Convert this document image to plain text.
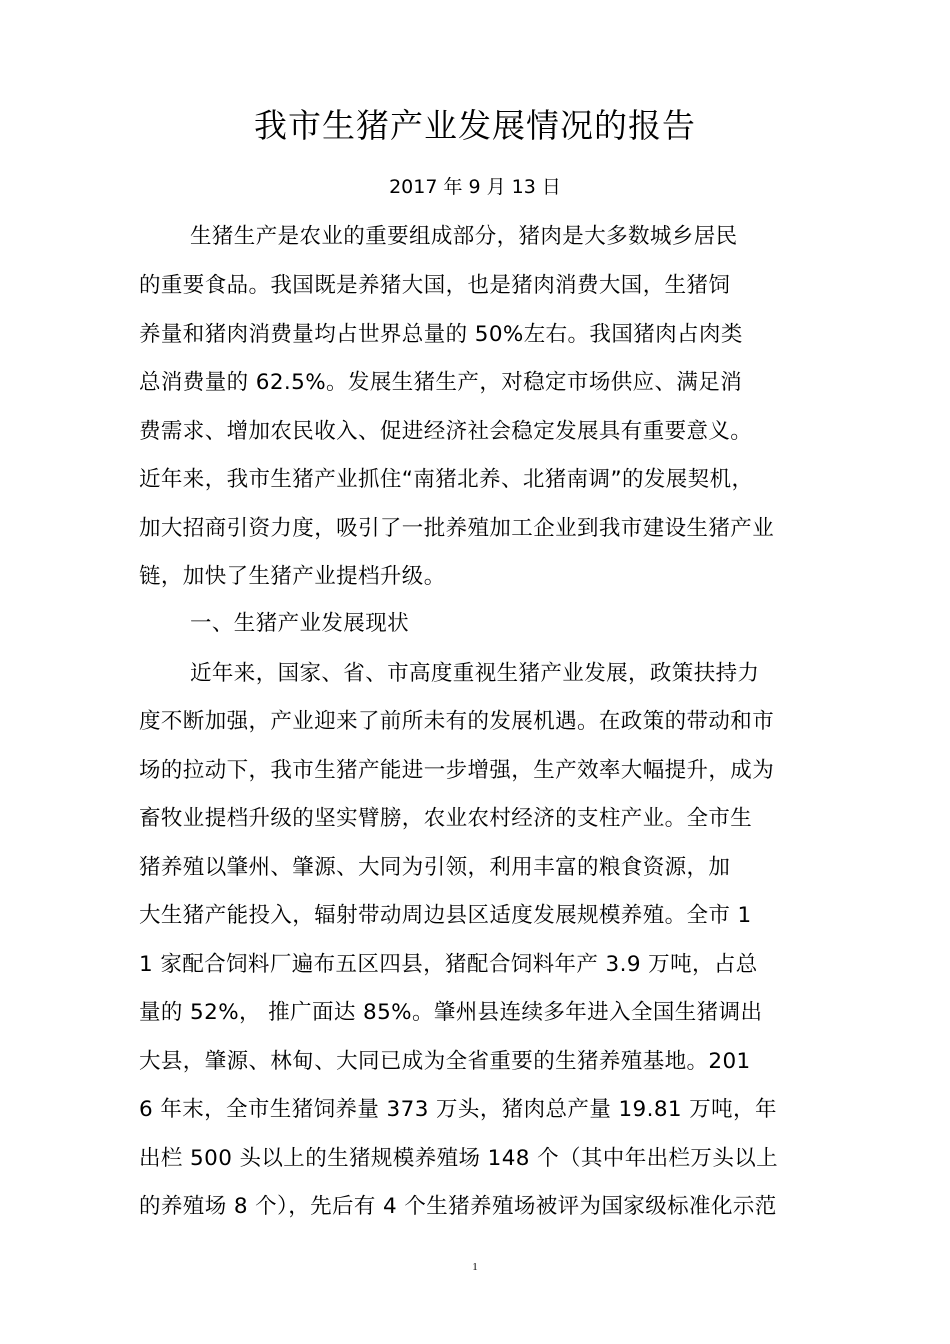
我市生猪产业发展情况的报告
2017 年 9 月 13 日
生猪生产是农业的重要组成部分，猪肉是大多数城乡居民
的重要食品。我国既是养猪大国，也是猪肉消费大国，生猪饲
养量和猪肉消费量均占世界总量的 50%左右。我国猪肉占肉类
总消费量的 62.5%。发展生猪生产，对稳定市场供应、满足消
费需求、增加农民收入、促进经济社会稳定发展具有重要意义。
近年来，我市生猪产业抓住“南猪北养、北猪南调”的发展契机，
加大招商引资力度，吸引了一批养殖加工企业到我市建设生猪产业
链，加快了生猪产业提档升级。
一、生猪产业发展现状
近年来，国家、省、市高度重视生猪产业发展，政策扶持力
度不断加强，产业迎来了前所未有的发展机遇。在政策的带动和市
场的拉动下，我市生猪产能进一步增强，生产效率大幅提升，成为
畜牧业提档升级的坚实臂膀，农业农村经济的支柱产业。全市生
猪养殖以肇州、肇源、大同为引领，利用丰富的粮食资源，加
大生猪产能投入，辐射带动周边县区适度发展规模养殖。全市 1
1 家配合饲料厂遍布五区四县，猪配合饲料年产 3.9 万吨，占总
量的 52%， 推广面达 85%。肇州县连续多年进入全国生猪调出
大县，肇源、林甸、大同已成为全省重要的生猪养殖基地。201
6 年末，全市生猪饲养量 373 万头，猪肉总产量 19.81 万吨，年
出栏 500 头以上的生猪规模养殖场 148 个（其中年出栏万头以上
的养殖场 8 个），先后有 4 个生猪养殖场被评为国家级标准化示范
1
